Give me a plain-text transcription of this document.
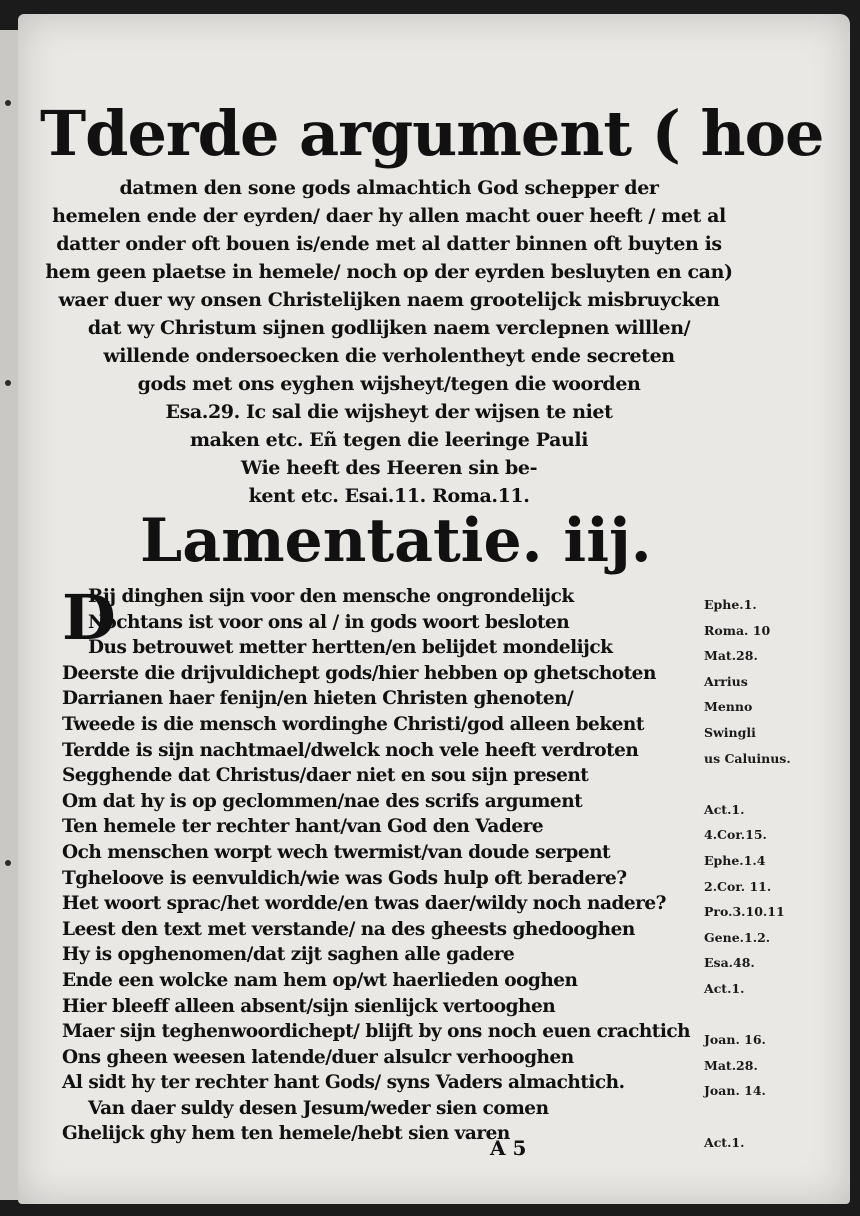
Tderde argument ( hoe
datmen den sone gods almachtich God schepper der
hemelen ende der eyrden/ daer hy allen macht ouer heeft / met al
datter onder oft bouen is/ende met al datter binnen oft buyten is
hem geen plaetse in hemele/ noch op der eyrden besluyten en can)
waer duer wy onsen Christelijken naem grootelijck misbruycken
dat wy Christum sijnen godlijken naem verclepnen willlen/
willende ondersoecken die verholentheyt ende secreten
gods met ons eyghen wijsheyt/tegen die woorden
Esa.29. Ic sal die wijsheyt der wijsen te niet
maken etc. Eñ tegen die leeringe Pauli
Wie heeft des Heeren sin be-
kent etc. Esai.11. Roma.11.
Lamentatie. iij.
D
Rij dinghen sijn voor den mensche ongrondelijck
Nochtans ist voor ons al / in gods woort besloten
Dus betrouwet metter hertten/en belijdet mondelijck
Deerste die drijvuldichept gods/hier hebben op ghetschoten
Darrianen haer fenijn/en hieten Christen ghenoten/
Tweede is die mensch wordinghe Christi/god alleen bekent
Terdde is sijn nachtmael/dwelck noch vele heeft verdroten
Segghende dat Christus/daer niet en sou sijn present
Om dat hy is op geclommen/nae des scrifs argument
Ten hemele ter rechter hant/van God den Vadere
Och menschen worpt wech twermist/van doude serpent
Tgheloove is eenvuldich/wie was Gods hulp oft beradere?
Het woort sprac/het wordde/en twas daer/wildy noch nadere?
Leest den text met verstande/ na des gheests ghedooghen
Hy is opghenomen/dat zijt saghen alle gadere
Ende een wolcke nam hem op/wt haerlieden ooghen
Hier bleeff alleen absent/sijn sienlijck vertooghen
Maer sijn teghenwoordichept/ blijft by ons noch euen crachtich
Ons gheen weesen latende/duer alsulcr verhooghen
Al sidt hy ter rechter hant Gods/ syns Vaders almachtich.
Van daer suldy desen Jesum/weder sien comen
Ghelijck ghy hem ten hemele/hebt sien varen
Ephe.1.
Roma. 10
Mat.28.
Arrius
Menno
Swingli
us Caluinus.
Act.1.
4.Cor.15.
Ephe.1.4
2.Cor. 11.
Pro.3.10.11
Gene.1.2.
Esa.48.
Act.1.
Joan. 16.
Mat.28.
Joan. 14.
Act.1.
A 5
